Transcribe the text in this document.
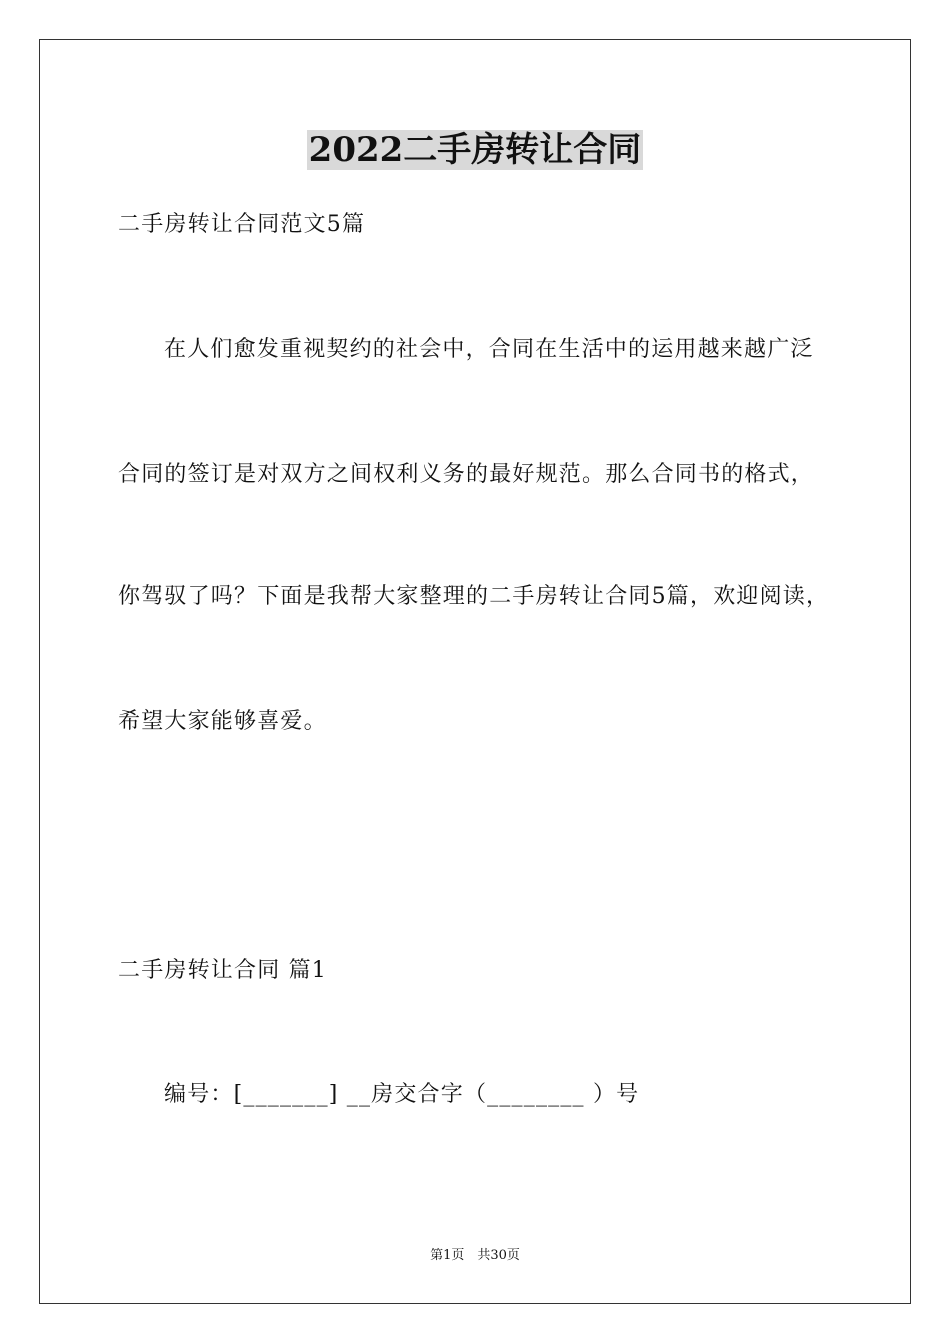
2022二手房转让合同

二手房转让合同范文5篇

在人们愈发重视契约的社会中，合同在生活中的运用越来越广泛

合同的签订是对双方之间权利义务的最好规范。那么合同书的格式，

你驾驭了吗？下面是我帮大家整理的二手房转让合同5篇，欢迎阅读，

希望大家能够喜爱。

二手房转让合同 篇1

编号：[_______] __房交合字（________ ）号

第1页　共30页
